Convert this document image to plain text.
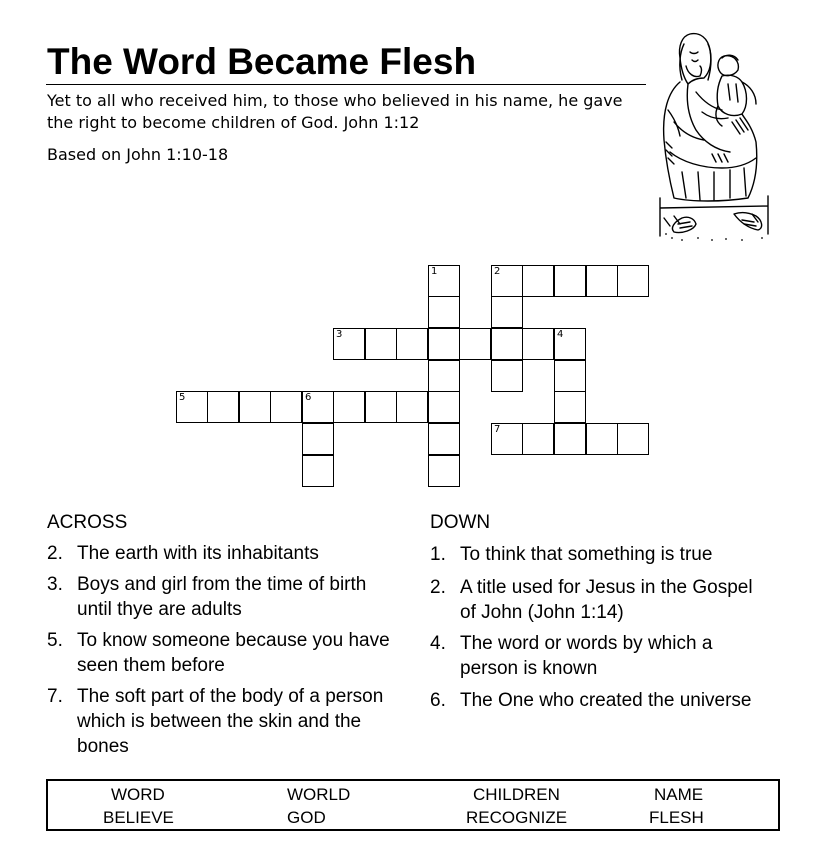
The Word Became Flesh
Yet to all who received him, to those who believed in his name, he gave the right to become children of God. John 1:12
Based on John 1:10-18
1	2
3	4
5	6
7
ACROSS
2. The earth with its inhabitants
3. Boys and girl from the time of birth until thye are adults
5. To know someone because you have seen them before
7. The soft part of the body of a person which is between the skin and the bones
DOWN
1. To think that something is true
2. A title used for Jesus in the Gospel of John (John 1:14)
4. The word or words by which a person is known
6. The One who created the universe
WORD	WORLD	CHILDREN	NAME
BELIEVE	GOD	RECOGNIZE	FLESH
